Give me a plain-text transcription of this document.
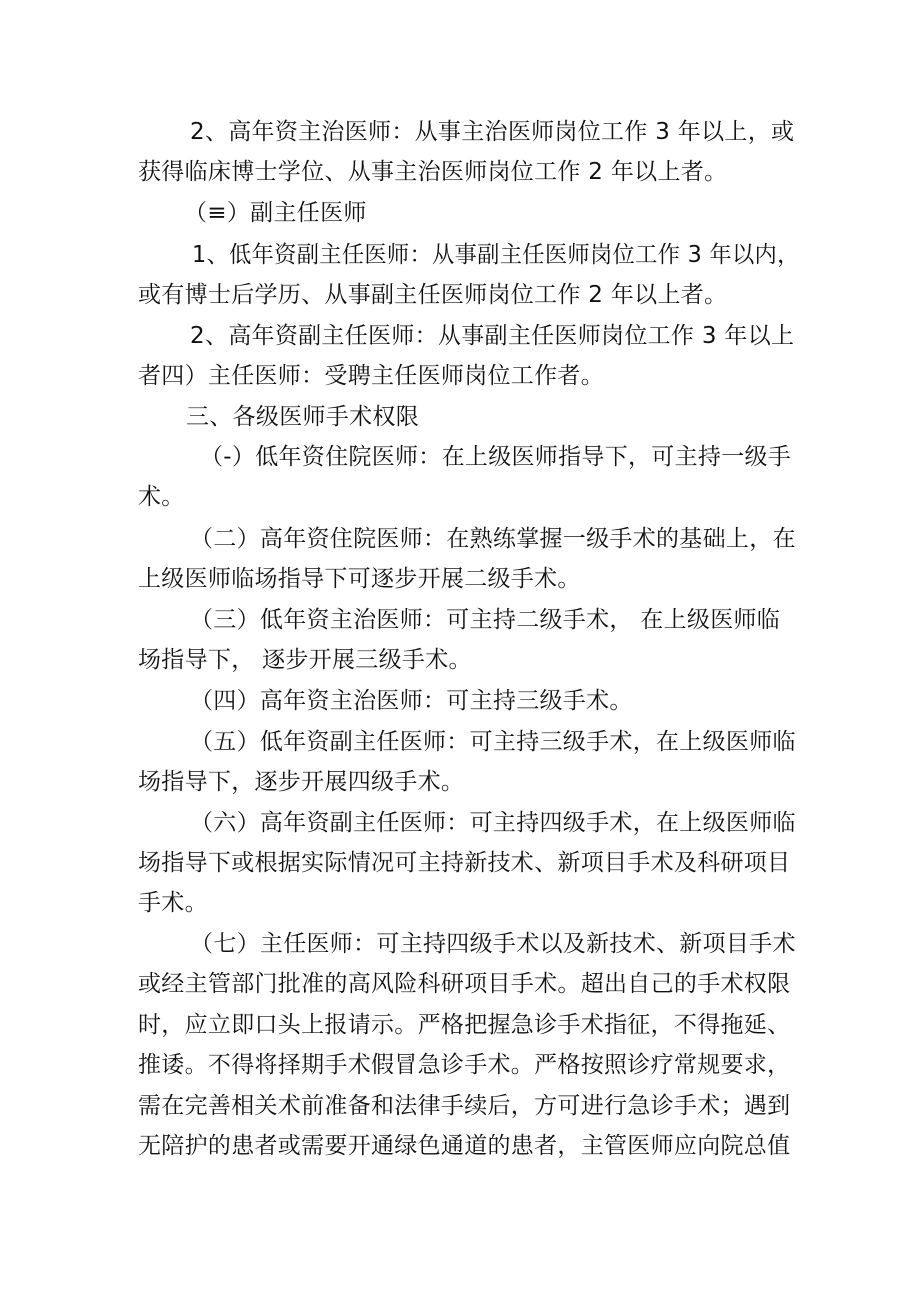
2、高年资主治医师：从事主治医师岗位工作 3 年以上，或
获得临床博士学位、从事主治医师岗位工作 2 年以上者。
（≡）副主任医师
1、低年资副主任医师：从事副主任医师岗位工作 3 年以内，
或有博士后学历、从事副主任医师岗位工作 2 年以上者。
2、高年资副主任医师：从事副主任医师岗位工作 3 年以上
者四）主任医师：受聘主任医师岗位工作者。
三、各级医师手术权限
（-）低年资住院医师：在上级医师指导下，可主持一级手
术。
（二）高年资住院医师：在熟练掌握一级手术的基础上，在
上级医师临场指导下可逐步开展二级手术。
（三）低年资主治医师：可主持二级手术， 在上级医师临
场指导下， 逐步开展三级手术。
（四）高年资主治医师：可主持三级手术。
（五）低年资副主任医师：可主持三级手术，在上级医师临
场指导下，逐步开展四级手术。
（六）高年资副主任医师：可主持四级手术，在上级医师临
场指导下或根据实际情况可主持新技术、新项目手术及科研项目
手术。
（七）主任医师：可主持四级手术以及新技术、新项目手术
或经主管部门批准的高风险科研项目手术。超出自己的手术权限
时，应立即口头上报请示。严格把握急诊手术指征，不得拖延、
推诿。不得将择期手术假冒急诊手术。严格按照诊疗常规要求，
需在完善相关术前准备和法律手续后，方可进行急诊手术；遇到
无陪护的患者或需要开通绿色通道的患者，主管医师应向院总值
